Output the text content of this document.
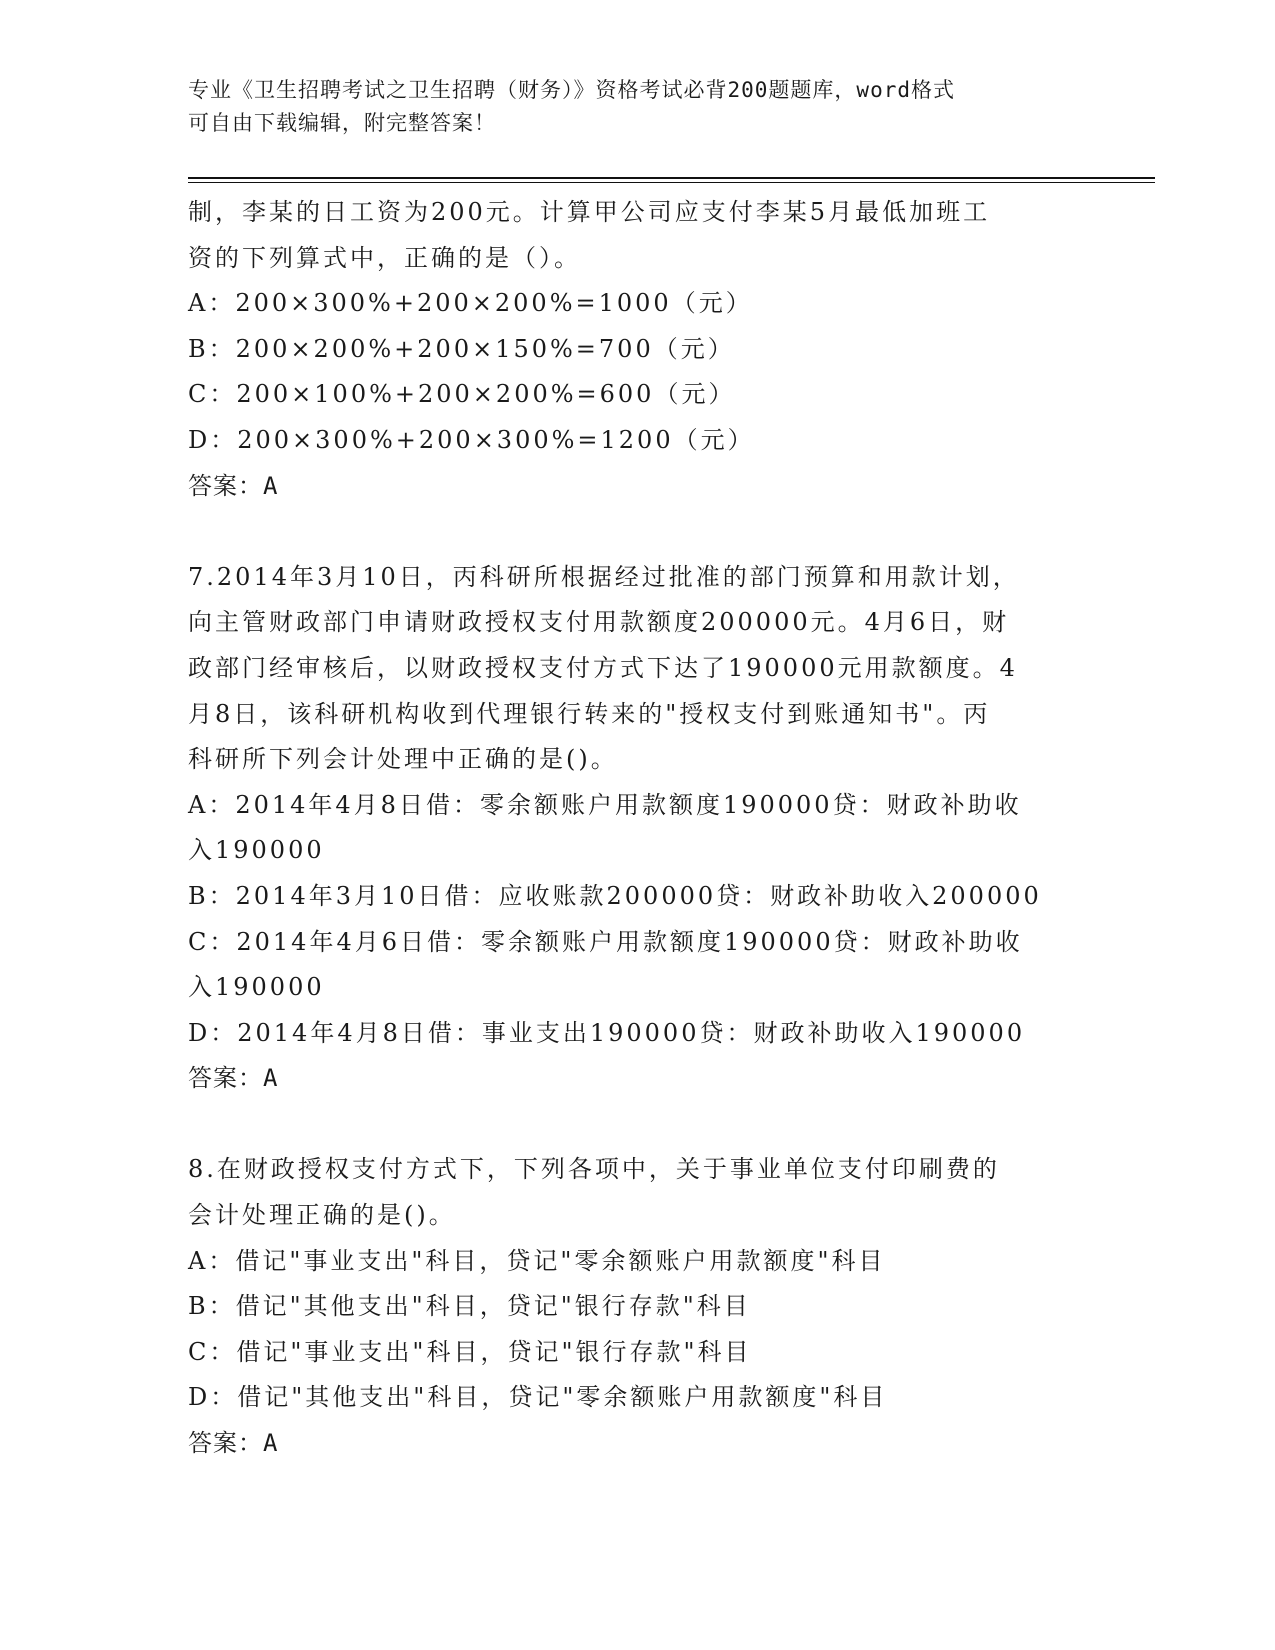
专业《卫生招聘考试之卫生招聘（财务）》资格考试必背200题题库，word格式
可自由下载编辑，附完整答案！
制，李某的日工资为200元。计算甲公司应支付李某5月最低加班工
资的下列算式中，正确的是（）。
A：200×300%+200×200%=1000（元）
B：200×200%+200×150%=700（元）
C：200×100%+200×200%=600（元）
D：200×300%+200×300%=1200（元）
答案：A
7.2014年3月10日，丙科研所根据经过批准的部门预算和用款计划，
向主管财政部门申请财政授权支付用款额度200000元。4月6日，财
政部门经审核后，以财政授权支付方式下达了190000元用款额度。4
月8日，该科研机构收到代理银行转来的"授权支付到账通知书"。丙
科研所下列会计处理中正确的是()。
A：2014年4月8日借：零余额账户用款额度190000贷：财政补助收
入190000
B：2014年3月10日借：应收账款200000贷：财政补助收入200000
C：2014年4月6日借：零余额账户用款额度190000贷：财政补助收
入190000
D：2014年4月8日借：事业支出190000贷：财政补助收入190000
答案：A
8.在财政授权支付方式下，下列各项中，关于事业单位支付印刷费的
会计处理正确的是()。
A：借记"事业支出"科目，贷记"零余额账户用款额度"科目
B：借记"其他支出"科目，贷记"银行存款"科目
C：借记"事业支出"科目，贷记"银行存款"科目
D：借记"其他支出"科目，贷记"零余额账户用款额度"科目
答案：A
